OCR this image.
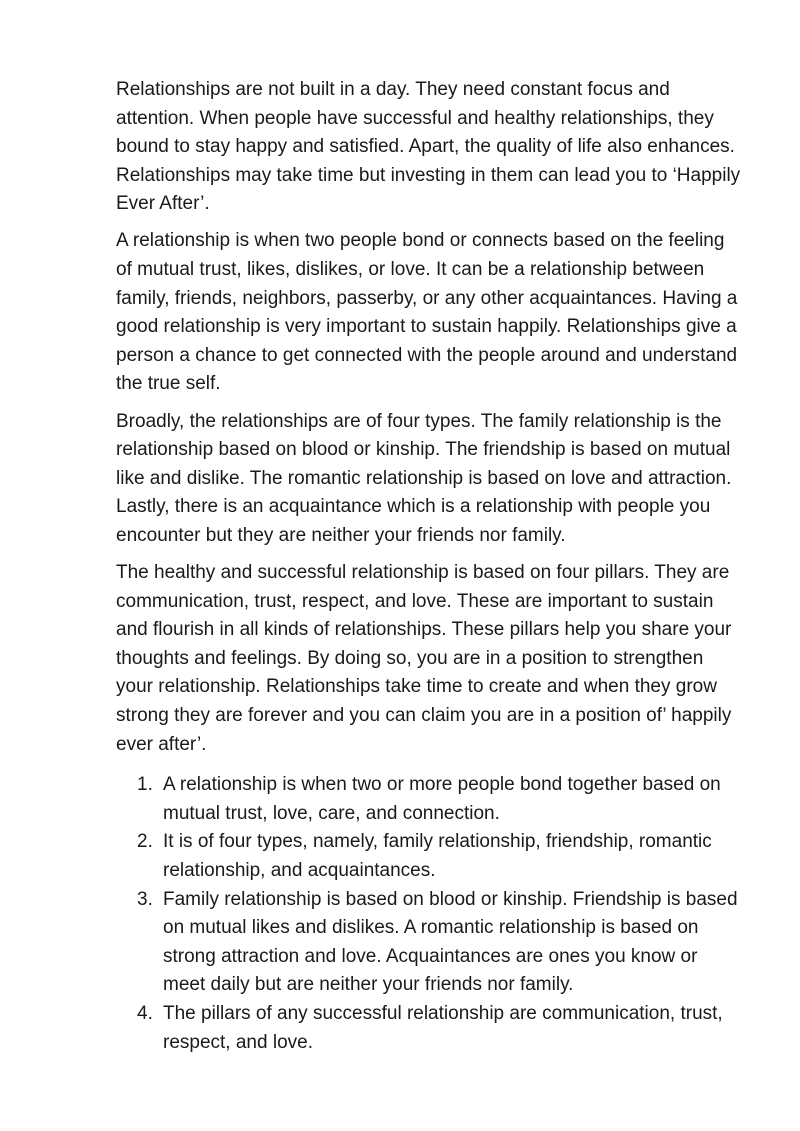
Relationships are not built in a day. They need constant focus and attention. When people have successful and healthy relationships, they bound to stay happy and satisfied. Apart, the quality of life also enhances. Relationships may take time but investing in them can lead you to ‘Happily Ever After’.

A relationship is when two people bond or connects based on the feeling of mutual trust, likes, dislikes, or love. It can be a relationship between family, friends, neighbors, passerby, or any other acquaintances. Having a good relationship is very important to sustain happily. Relationships give a person a chance to get connected with the people around and understand the true self.

Broadly, the relationships are of four types. The family relationship is the relationship based on blood or kinship. The friendship is based on mutual like and dislike. The romantic relationship is based on love and attraction. Lastly, there is an acquaintance which is a relationship with people you encounter but they are neither your friends nor family.

The healthy and successful relationship is based on four pillars. They are communication, trust, respect, and love. These are important to sustain and flourish in all kinds of relationships. These pillars help you share your thoughts and feelings. By doing so, you are in a position to strengthen your relationship. Relationships take time to create and when they grow strong they are forever and you can claim you are in a position of’ happily ever after’.

1. A relationship is when two or more people bond together based on mutual trust, love, care, and connection.
2. It is of four types, namely, family relationship, friendship, romantic relationship, and acquaintances.
3. Family relationship is based on blood or kinship. Friendship is based on mutual likes and dislikes. A romantic relationship is based on strong attraction and love. Acquaintances are ones you know or meet daily but are neither your friends nor family.
4. The pillars of any successful relationship are communication, trust, respect, and love.
